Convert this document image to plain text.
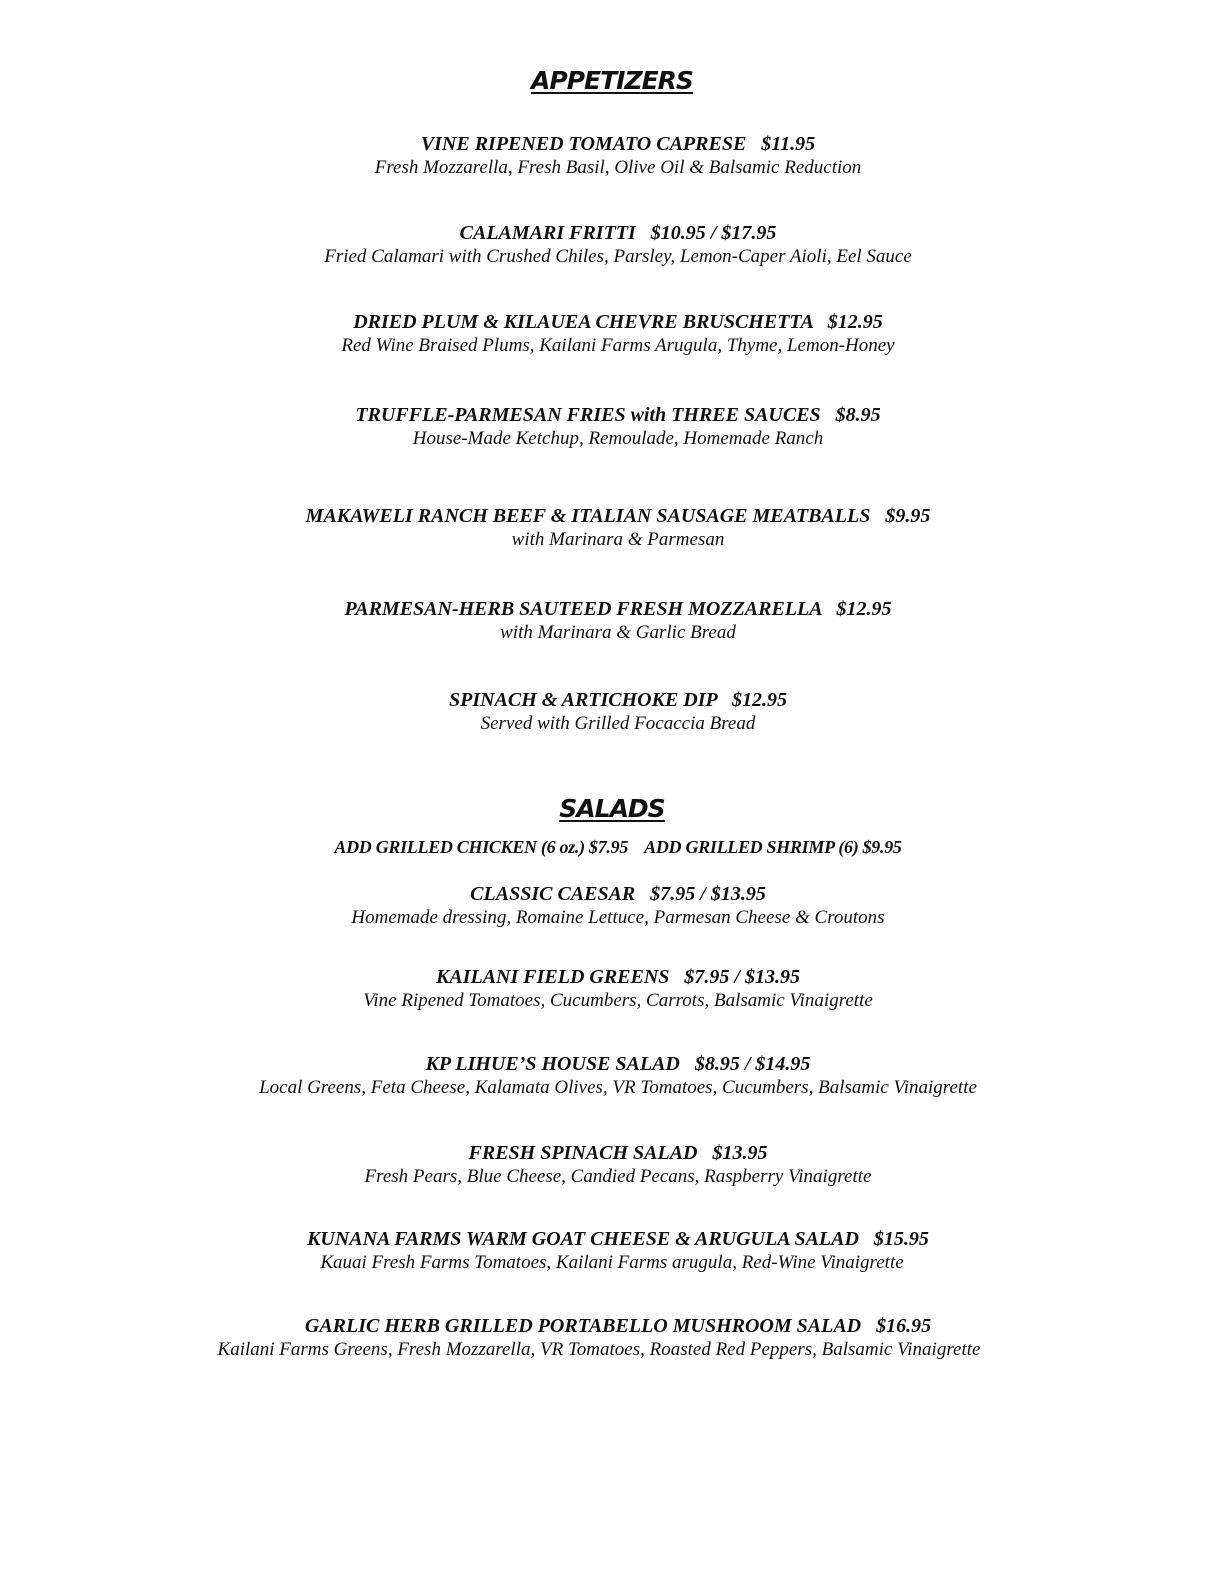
APPETIZERS
VINE RIPENED TOMATO CAPRESE   $11.95
Fresh Mozzarella, Fresh Basil, Olive Oil & Balsamic Reduction
CALAMARI FRITTI   $10.95 / $17.95
Fried Calamari with Crushed Chiles, Parsley, Lemon-Caper Aioli, Eel Sauce
DRIED PLUM & KILAUEA CHEVRE BRUSCHETTA   $12.95
Red Wine Braised Plums, Kailani Farms Arugula, Thyme, Lemon-Honey
TRUFFLE-PARMESAN FRIES with THREE SAUCES   $8.95
House-Made Ketchup, Remoulade, Homemade Ranch
MAKAWELI RANCH BEEF & ITALIAN SAUSAGE MEATBALLS   $9.95
with Marinara & Parmesan
PARMESAN-HERB SAUTEED FRESH MOZZARELLA   $12.95
with Marinara & Garlic Bread
SPINACH & ARTICHOKE DIP   $12.95
Served with Grilled Focaccia Bread
SALADS
ADD GRILLED CHICKEN (6 oz.) $7.95    ADD GRILLED SHRIMP (6) $9.95
CLASSIC CAESAR   $7.95 / $13.95
Homemade dressing, Romaine Lettuce, Parmesan Cheese & Croutons
KAILANI FIELD GREENS   $7.95 / $13.95
Vine Ripened Tomatoes, Cucumbers, Carrots, Balsamic Vinaigrette
KP LIHUE’S HOUSE SALAD   $8.95 / $14.95
Local Greens, Feta Cheese, Kalamata Olives, VR Tomatoes, Cucumbers, Balsamic Vinaigrette
FRESH SPINACH SALAD   $13.95
Fresh Pears, Blue Cheese, Candied Pecans, Raspberry Vinaigrette
KUNANA FARMS WARM GOAT CHEESE & ARUGULA SALAD   $15.95
Kauai Fresh Farms Tomatoes, Kailani Farms arugula, Red-Wine Vinaigrette
GARLIC HERB GRILLED PORTABELLO MUSHROOM SALAD   $16.95
Kailani Farms Greens, Fresh Mozzarella, VR Tomatoes, Roasted Red Peppers, Balsamic Vinaigrette
